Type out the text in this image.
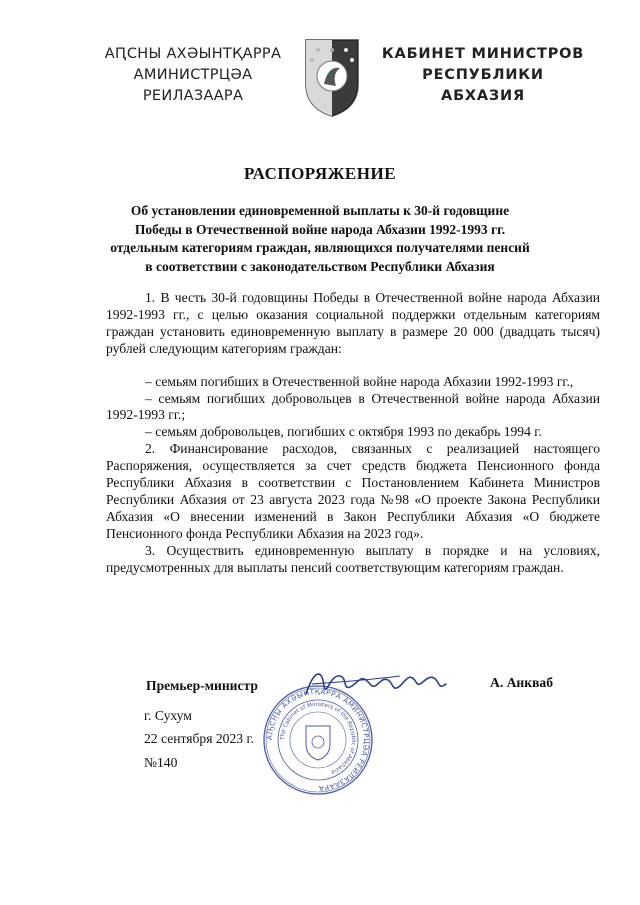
АԤСНЫ АХӘЫНТҚАРРА
АМИНИСТРЦӘА РЕИЛАЗААРА
КАБИНЕТ МИНИСТРОВ
РЕСПУБЛИКИ АБХАЗИЯ
РАСПОРЯЖЕНИЕ
Об установлении единовременной выплаты к 30-й годовщине
Победы в Отечественной войне народа Абхазии 1992-1993 гг.
отдельным категориям граждан, являющихся получателями пенсий
в соответствии с законодательством Республики Абхазия

1. В честь 30-й годовщины Победы в Отечественной войне народа Абхазии 1992-1993 гг., с целью оказания социальной поддержки отдельным категориям граждан установить единовременную выплату в размере 20 000 (двадцать тысяч) рублей следующим категориям граждан:

– семьям погибших в Отечественной войне народа Абхазии 1992-1993 гг.,

– семьям погибших добровольцев в Отечественной войне народа Абхазии 1992-1993 гг.;

– семьям добровольцев, погибших с октября 1993 по декабрь 1994 г.

2. Финансирование расходов, связанных с реализацией настоящего Распоряжения, осуществляется за счет средств бюджета Пенсионного фонда Республики Абхазия в соответствии с Постановлением Кабинета Министров Республики Абхазия от 23 августа 2023 года №98 «О проекте Закона Республики Абхазия «О внесении изменений в Закон Республики Абхазия «О бюджете Пенсионного фонда Республики Абхазия на 2023 год».

3. Осуществить единовременную выплату в порядке и на условиях, предусмотренных для выплаты пенсий соответствующим категориям граждан.

Премьер-министр
АҦСНЫ АХӘЫНТҚАРРА АМИНИСТРЦӘА РЕИЛАЗААРА
The Cabinet of Ministers of the Republic of Abkhazia
А. Анкваб
г. Сухум
22 сентября 2023 г.
№140
